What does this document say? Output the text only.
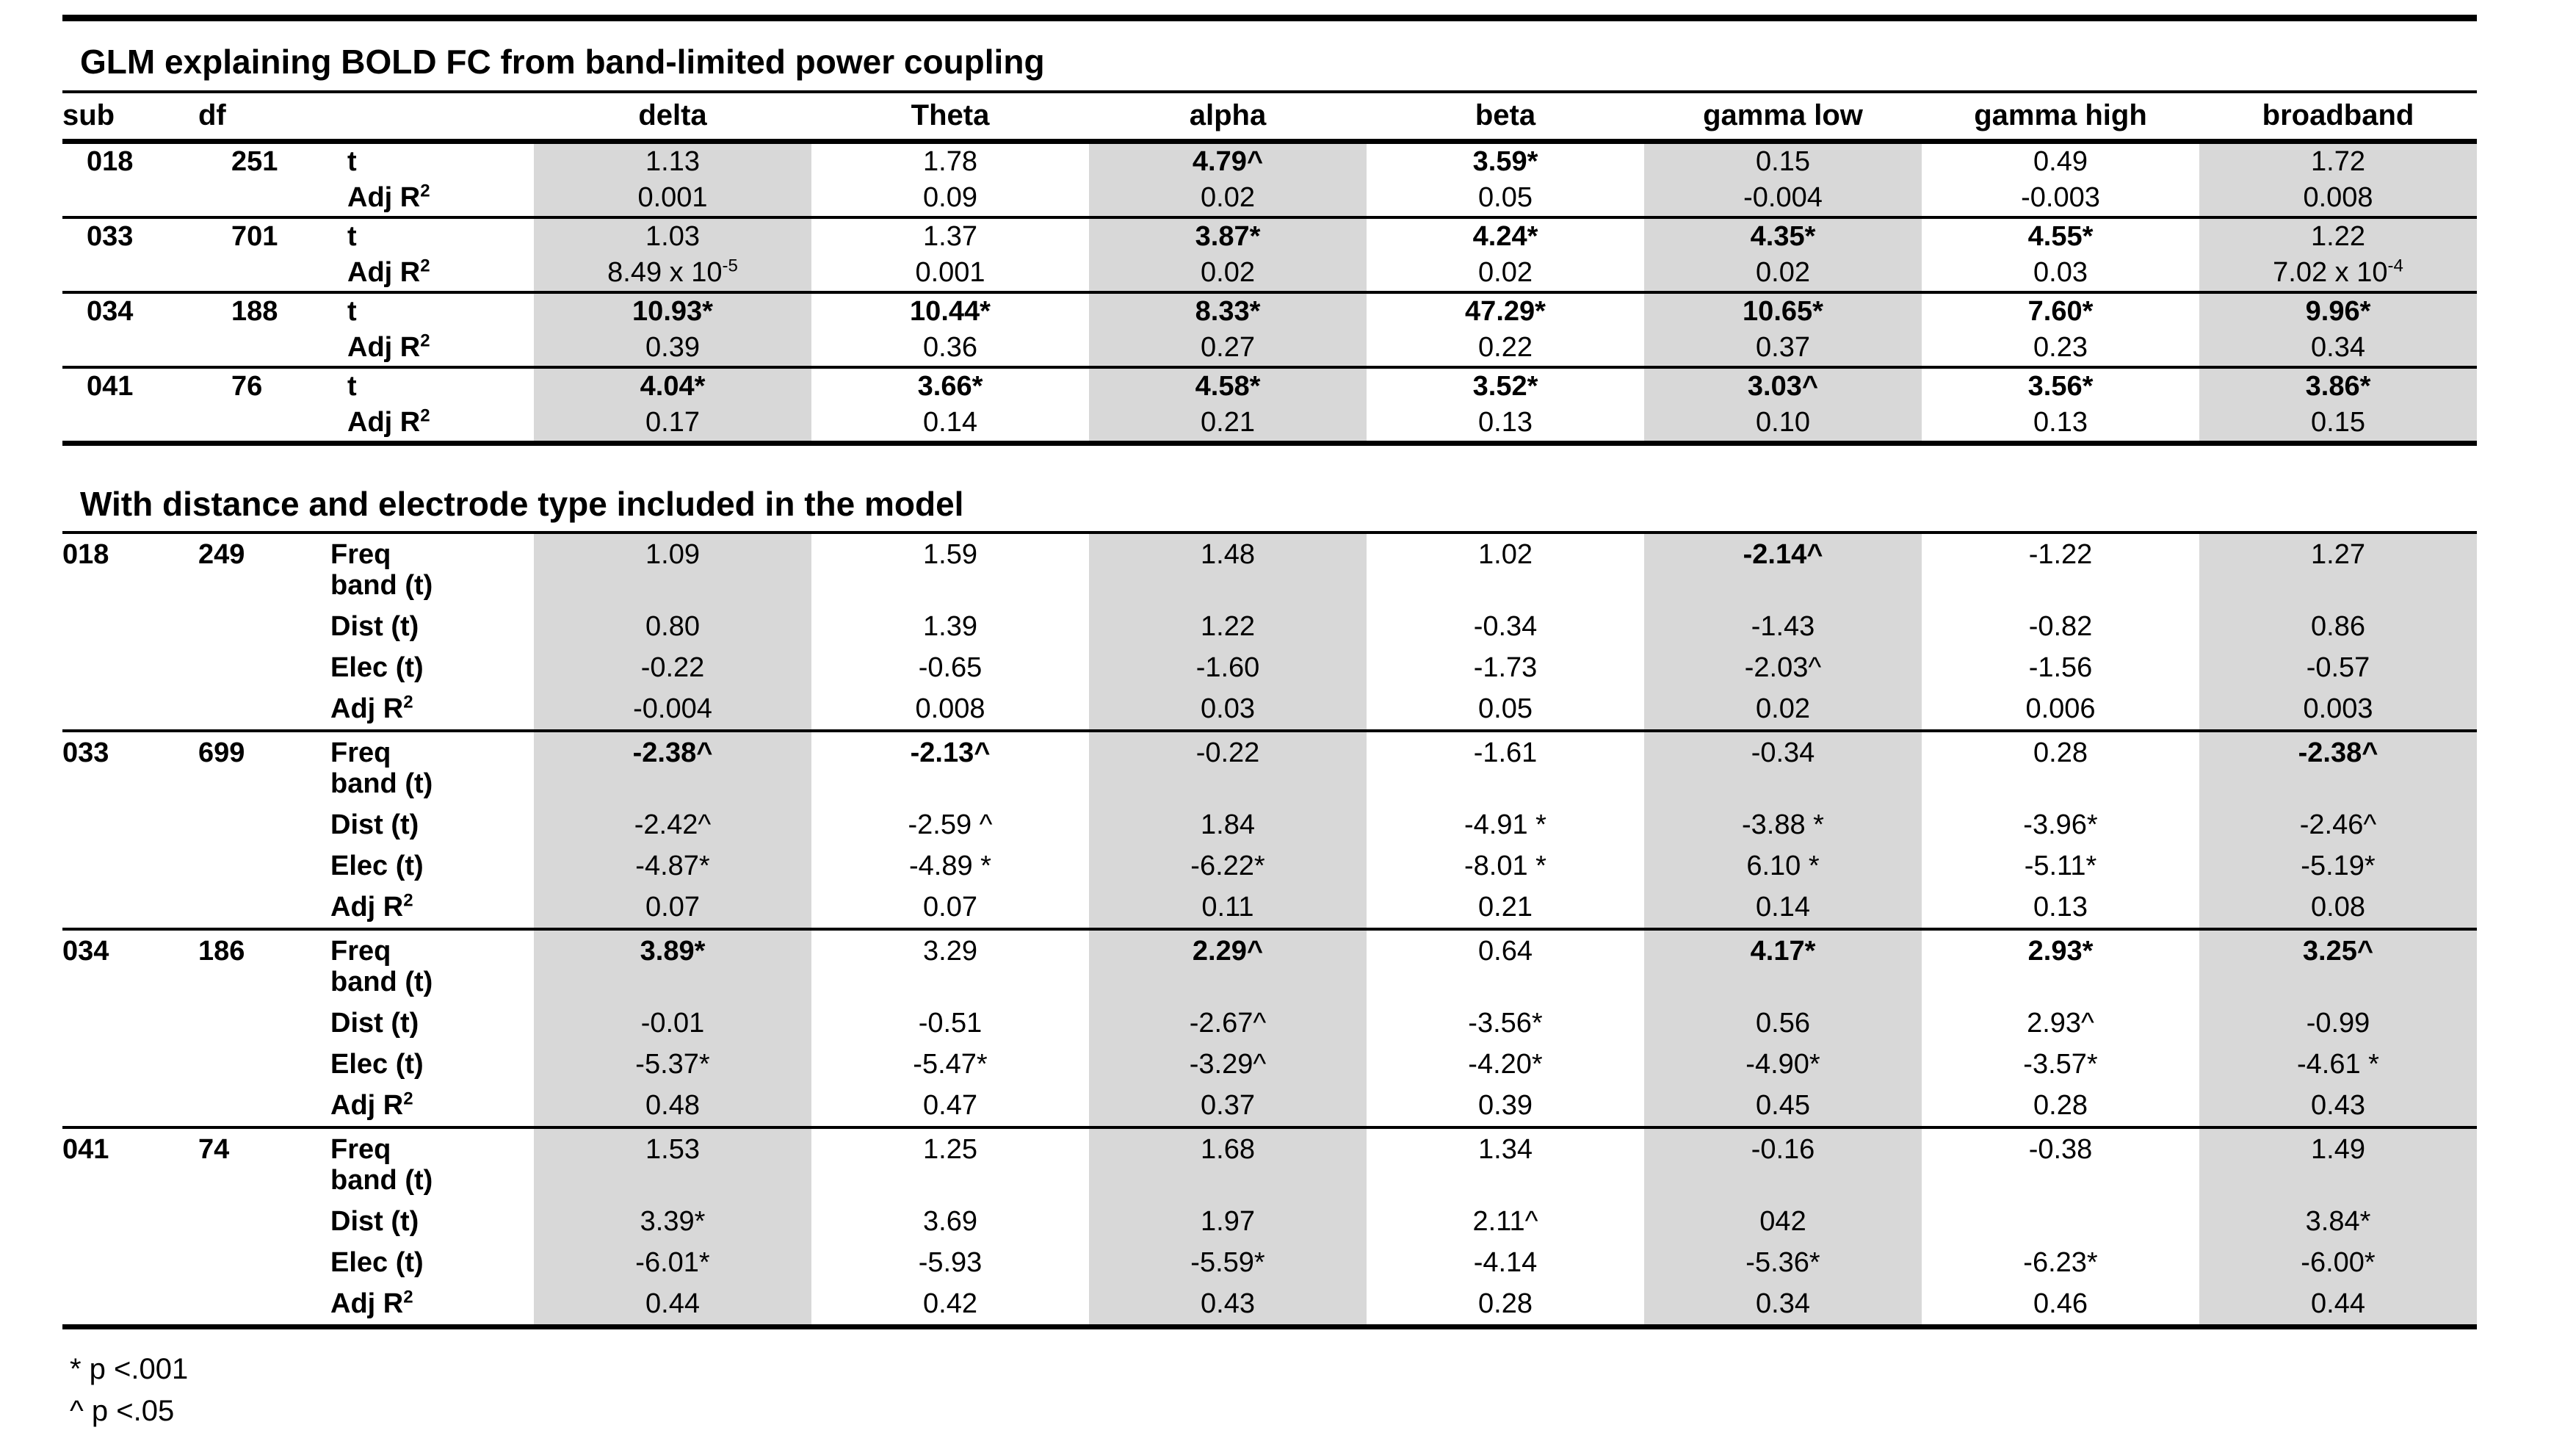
GLM explaining BOLD FC from band-limited power coupling
sub	df		delta	Theta	alpha	beta	gamma low	gamma high	broadband
018	251	t	1.13	1.78	4.79^	3.59*	0.15	0.49	1.72
		Adj $R^2$	0.001	0.09	0.02	0.05	-0.004	-0.003	0.008
033	701	t	1.03	1.37	3.87*	4.24*	4.35*	4.55*	1.22
		Adj $R^2$	8.49 x $10^{-5}$	0.001	0.02	0.02	0.02	0.03	7.02 x $10^{-4}$
034	188	t	10.93*	10.44*	8.33*	47.29*	10.65*	7.60*	9.96*
		Adj $R^2$	0.39	0.36	0.27	0.22	0.37	0.23	0.34
041	76	t	4.04*	3.66*	4.58*	3.52*	3.03^	3.56*	3.86*
		Adj $R^2$	0.17	0.14	0.21	0.13	0.10	0.13	0.15
With distance and electrode type included in the model
018	249	Freq
band (t)	1.09	1.59	1.48	1.02	-2.14^	-1.22	1.27
		Dist (t)	0.80	1.39	1.22	-0.34	-1.43	-0.82	0.86
		Elec (t)	-0.22	-0.65	-1.60	-1.73	-2.03^	-1.56	-0.57
		Adj $R^2$	-0.004	0.008	0.03	0.05	0.02	0.006	0.003
033	699	Freq
band (t)	-2.38^	-2.13^	-0.22	-1.61	-0.34	0.28	-2.38^
		Dist (t)	-2.42^	-2.59 ^	1.84	-4.91 *	-3.88 *	-3.96*	-2.46^
		Elec (t)	-4.87*	-4.89 *	-6.22*	-8.01 *	6.10 *	-5.11*	-5.19*
		Adj $R^2$	0.07	0.07	0.11	0.21	0.14	0.13	0.08
034	186	Freq
band (t)	3.89*	3.29	2.29^	0.64	4.17*	2.93*	3.25^
		Dist (t)	-0.01	-0.51	-2.67^	-3.56*	0.56	2.93^	-0.99
		Elec (t)	-5.37*	-5.47*	-3.29^	-4.20*	-4.90*	-3.57*	-4.61 *
		Adj $R^2$	0.48	0.47	0.37	0.39	0.45	0.28	0.43
041	74	Freq
band (t)	1.53	1.25	1.68	1.34	-0.16	-0.38	1.49
		Dist (t)	3.39*	3.69	1.97	2.11^	042		3.84*
		Elec (t)	-6.01*	-5.93	-5.59*	-4.14	-5.36*	-6.23*	-6.00*
		Adj $R^2$	0.44	0.42	0.43	0.28	0.34	0.46	0.44
* p <.001
^ p <.05
